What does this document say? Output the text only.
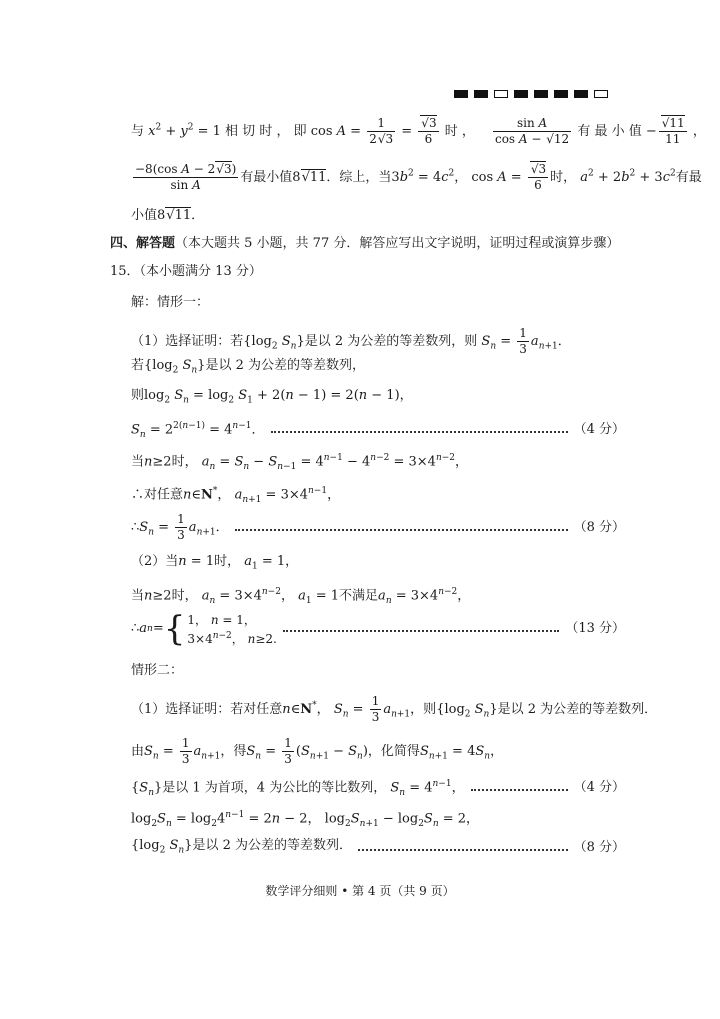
与 $x^2 + y^2 = 1$ 相 切 时 ， 即 $\cos A = \frac{1}{2√3} = \frac{√3}{6}$ 时 ， $\frac{\text{sin A}}{\text{cos A − √12}}$ 有 最 小 值 − $\frac{√11}{11}$ ，
$\frac{\text{−8(cos A − 2√3)}}{\text{sin A}}$ 有最小值8√11．综上，当$3b^2 = 4c^2$， $\cos A = \frac{√3}{6}$ 时， $a^2 + 2b^2 + 3c^2$有最
小值8√11．
四、解答题（本大题共 5 小题，共 77 分．解答应写出文字说明，证明过程或演算步骤）
15．（本小题满分 13 分）
解：情形一：
（1）选择证明：若{$\log_2$ $S_n$}是以 2 为公差的等差数列，则 $S_n = \frac{1}{3} a_{n+1}$．
若{$\log_2$ $S_n$}是以 2 为公差的等差数列，
则$\log_2 S_n = \log_2 S_1 + 2(n - 1) = 2(n - 1)$，
$S_n = 2^{2(n-1)} = 4^{n-1}$．	（4 分）
当n≥2时， $a_n = S_n - S_{n-1} = 4^{n-1} - 4^{n-2} = 3\times 4^{n-2}$，
∴对任意n∈N*， $a_{n+1} = 3\times 4^{n-1}$，
$\therefore S_n = \frac{1}{3} a_{n+1}$．	（8 分）
（2）当n = 1时， $a_1 = 1$，
当n≥2时， $a_n = 3\times 4^{n-2}$， $a_1 = 1$不满足$a_n = 3\times 4^{n-2}$，
∴ a n = { 1， n = 1，
$3\times 4^{n-2}$， n≥2.
（13 分）
情形二：
（1）选择证明：若对任意n∈N*， $S_n = \frac{1}{3} a_{n+1}$，则{$\log_2$ $S_n$}是以 2 为公差的等差数列．
由$S_n = \frac{1}{3} a_{n+1}$，得$S_n = \frac{1}{3} (S_{n+1} - S_n)$，化简得$S_{n+1} = 4S_n$，
$\{S_n\}$是以 1 为首项，4 为公比的等比数列， $S_n = 4^{n-1}$，	（4 分）
$\log_2S_n = \log_24^{n-1} = 2n - 2$， $\log_2S_{n+1} - \log_2S_n = 2$，
{$\log_2$ $S_n$}是以 2 为公差的等差数列．	（8 分）
数学评分细则 • 第 4 页（共 9 页）
